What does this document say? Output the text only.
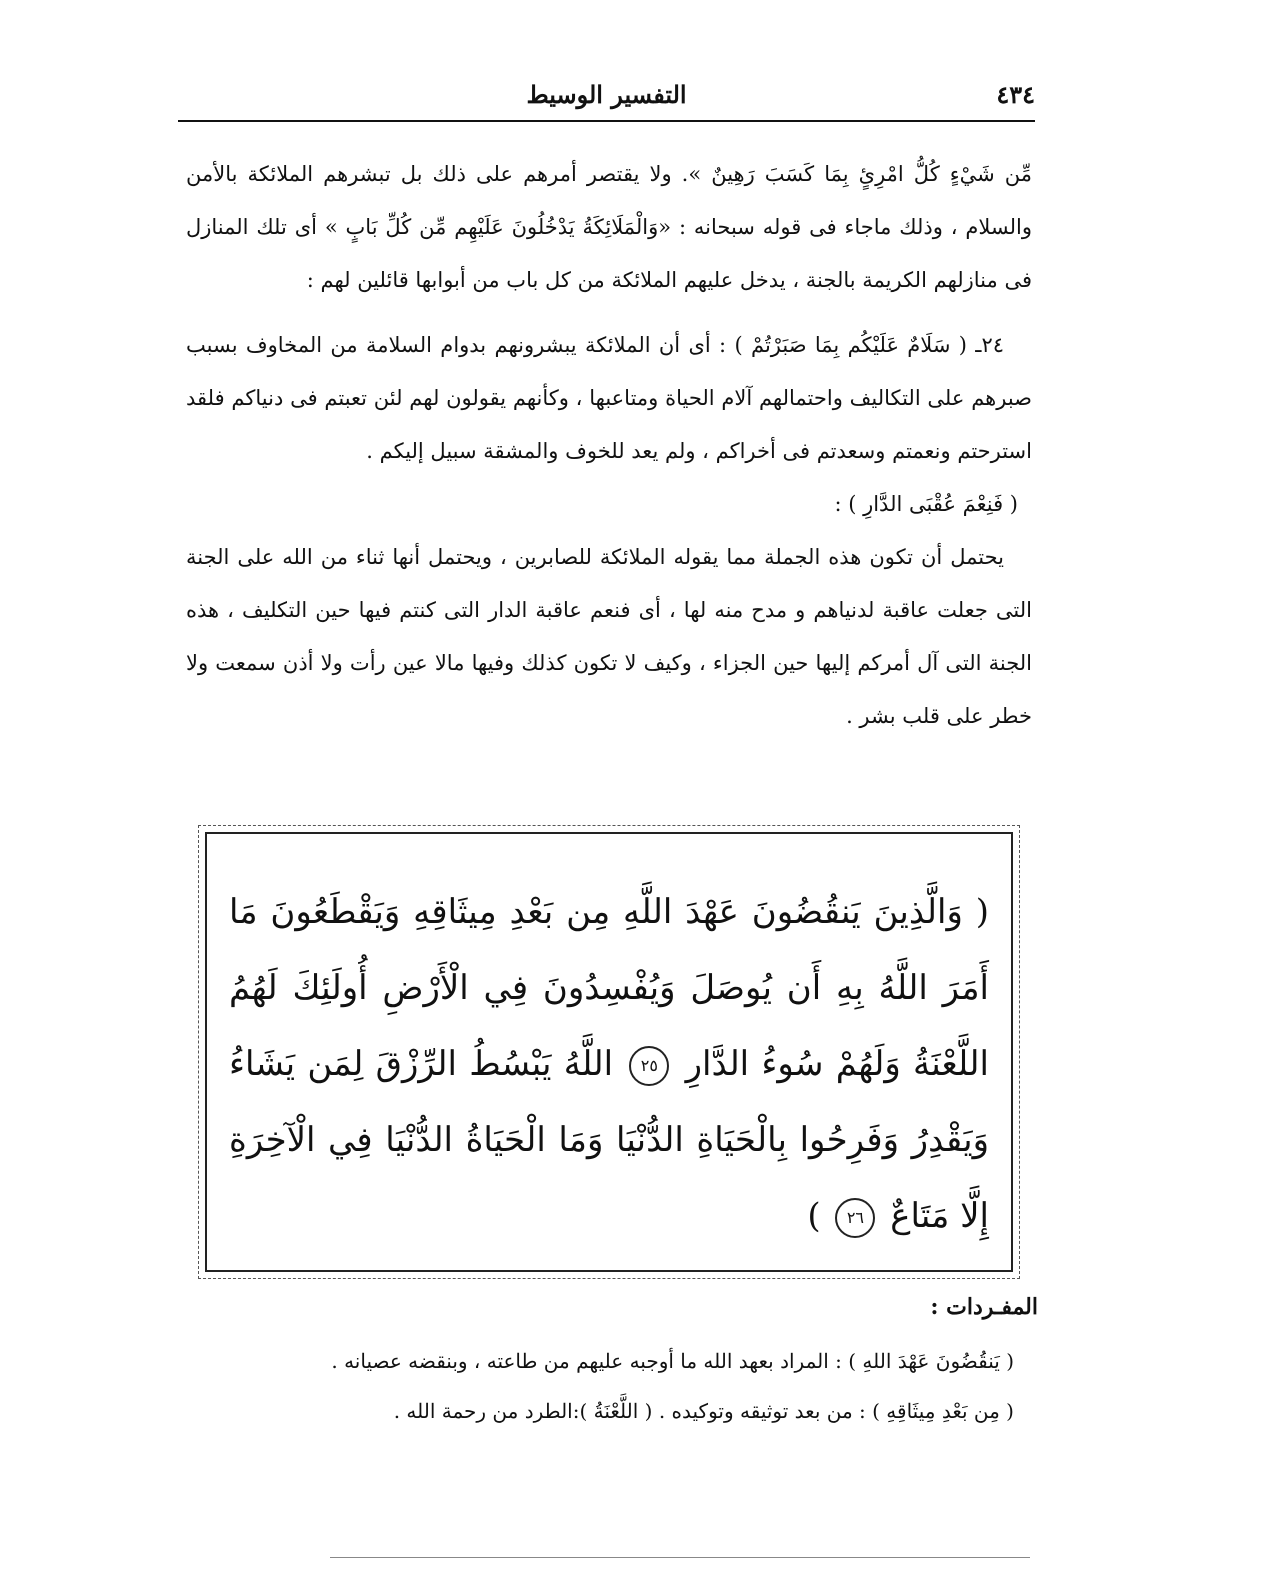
٤٣٤
التفسير الوسيط

مِّن شَيْءٍ كُلُّ امْرِئٍ بِمَا كَسَبَ رَهِينٌ ». ولا يقتصر أمرهم على ذلك بل تبشرهم الملائكة بالأمن والسلام ، وذلك ماجاء فى قوله سبحانه : «وَالْمَلَائِكَةُ يَدْخُلُونَ عَلَيْهِم مِّن كُلِّ بَابٍ » أى تلك المنازل فى منازلهم الكريمة بالجنة ، يدخل عليهم الملائكة من كل باب من أبوابها قائلين لهم :

٢٤ـ ( سَلَامٌ عَلَيْكُم بِمَا صَبَرْتُمْ ) : أى أن الملائكة يبشرونهم بدوام السلامة من المخاوف بسبب صبرهم على التكاليف واحتمالهم آلام الحياة ومتاعبها ، وكأنهم يقولون لهم لئن تعبتم فى دنياكم فلقد استرحتم ونعمتم وسعدتم فى أخراكم ، ولم يعد للخوف والمشقة سبيل إليكم .

( فَنِعْمَ عُقْبَى الدَّارِ ) :

يحتمل أن تكون هذه الجملة مما يقوله الملائكة للصابرين ، ويحتمل أنها ثناء من الله على الجنة التى جعلت عاقبة لدنياهم و مدح منه لها ، أى فنعم عاقبة الدار التى كنتم فيها حين التكليف ، هذه الجنة التى آل أمركم إليها حين الجزاء ، وكيف لا تكون كذلك وفيها مالا عين رأت ولا أذن سمعت ولا خطر على قلب بشر .

( وَالَّذِينَ يَنقُضُونَ عَهْدَ اللَّهِ مِن بَعْدِ مِيثَاقِهِ وَيَقْطَعُونَ مَا أَمَرَ اللَّهُ بِهِ أَن يُوصَلَ وَيُفْسِدُونَ فِي الْأَرْضِ أُولَئِكَ لَهُمُ اللَّعْنَةُ وَلَهُمْ سُوءُ الدَّارِ ٢٥ اللَّهُ يَبْسُطُ الرِّزْقَ لِمَن يَشَاءُ وَيَقْدِرُ وَفَرِحُوا بِالْحَيَاةِ الدُّنْيَا وَمَا الْحَيَاةُ الدُّنْيَا فِي الْآخِرَةِ إِلَّا مَتَاعٌ ٢٦ )
المفـردات :

( يَنقُضُونَ عَهْدَ اللهِ ) : المراد بعهد الله ما أوجبه عليهم من طاعته ، وبنقضه عصيانه .

( مِن بَعْدِ مِيثَاقِهِ ) : من بعد توثيقه وتوكيده . ( اللَّعْنَةُ ):الطرد من رحمة الله .
